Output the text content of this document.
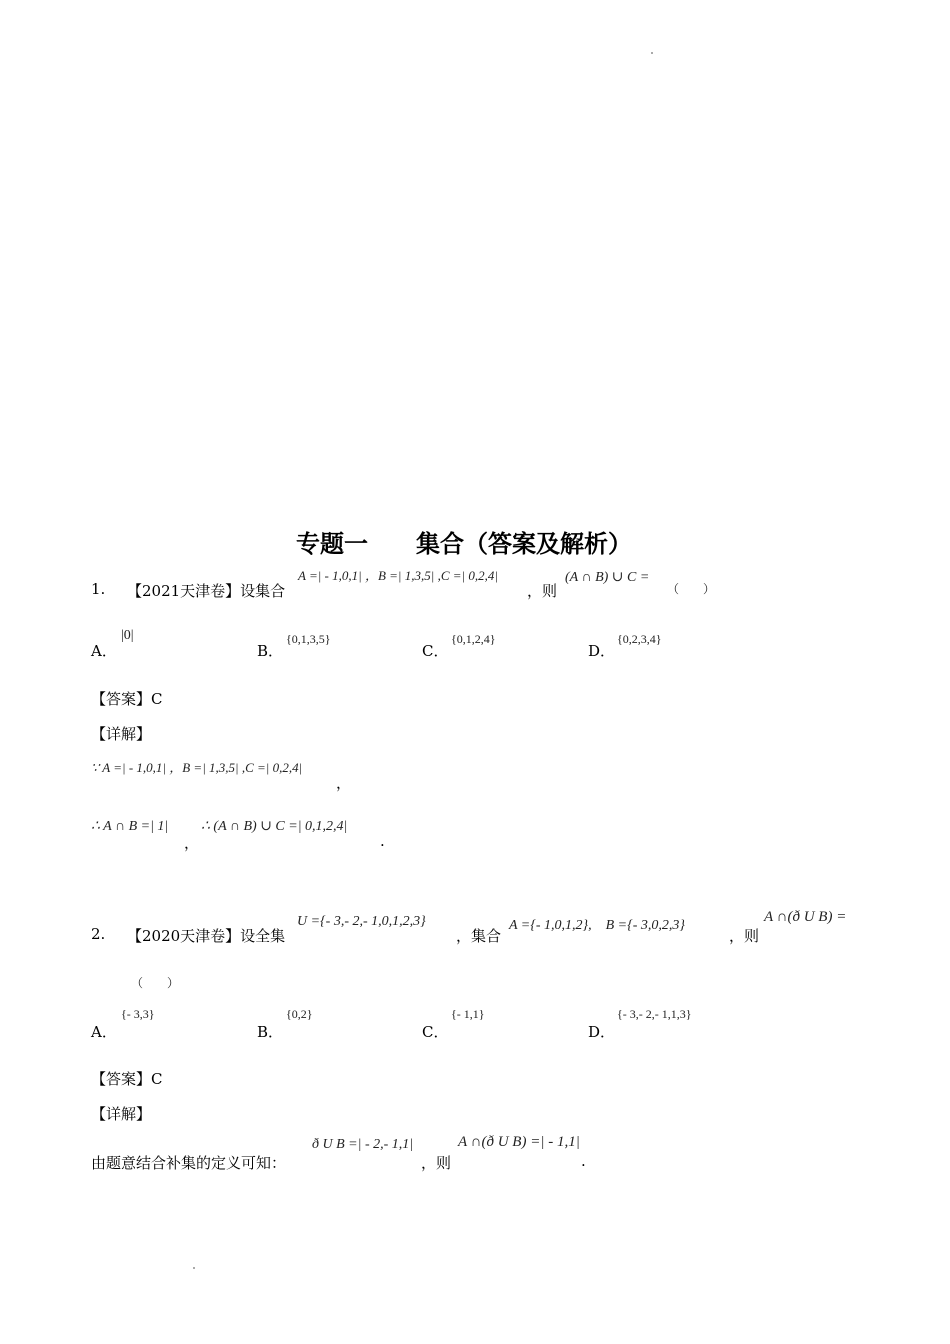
专题一　　集合（答案及解析）
1. 【2021天津卷】设集合
A =| - 1,0,1| ，B =| 1,3,5| ,C =| 0,2,4|
，则
(A ∩ B) ∪ C =
（　　）
A．
|0|
B．
{0,1,3,5}
C．
{0,1,2,4}
D．
{0,2,3,4}
【答案】C
【详解】
∵ A =| - 1,0,1| ，B =| 1,3,5| ,C =| 0,2,4|
，
∴ A ∩ B =| 1|
，
∴ (A ∩ B) ∪ C =| 0,1,2,4|
.
2. 【2020天津卷】设全集
U ={- 3,- 2,- 1,0,1,2,3}
，集合
A ={- 1,0,1,2},　B ={- 3,0,2,3}
，则
A ∩(ð U B) =
（　　）
A．
{- 3,3}
B．
{0,2}
C．
{- 1,1}
D．
{- 3,- 2,- 1,1,3}
【答案】C
【详解】
由题意结合补集的定义可知：
ð U B =| - 2,- 1,1|
，则
A ∩(ð U B) =| - 1,1|
.
